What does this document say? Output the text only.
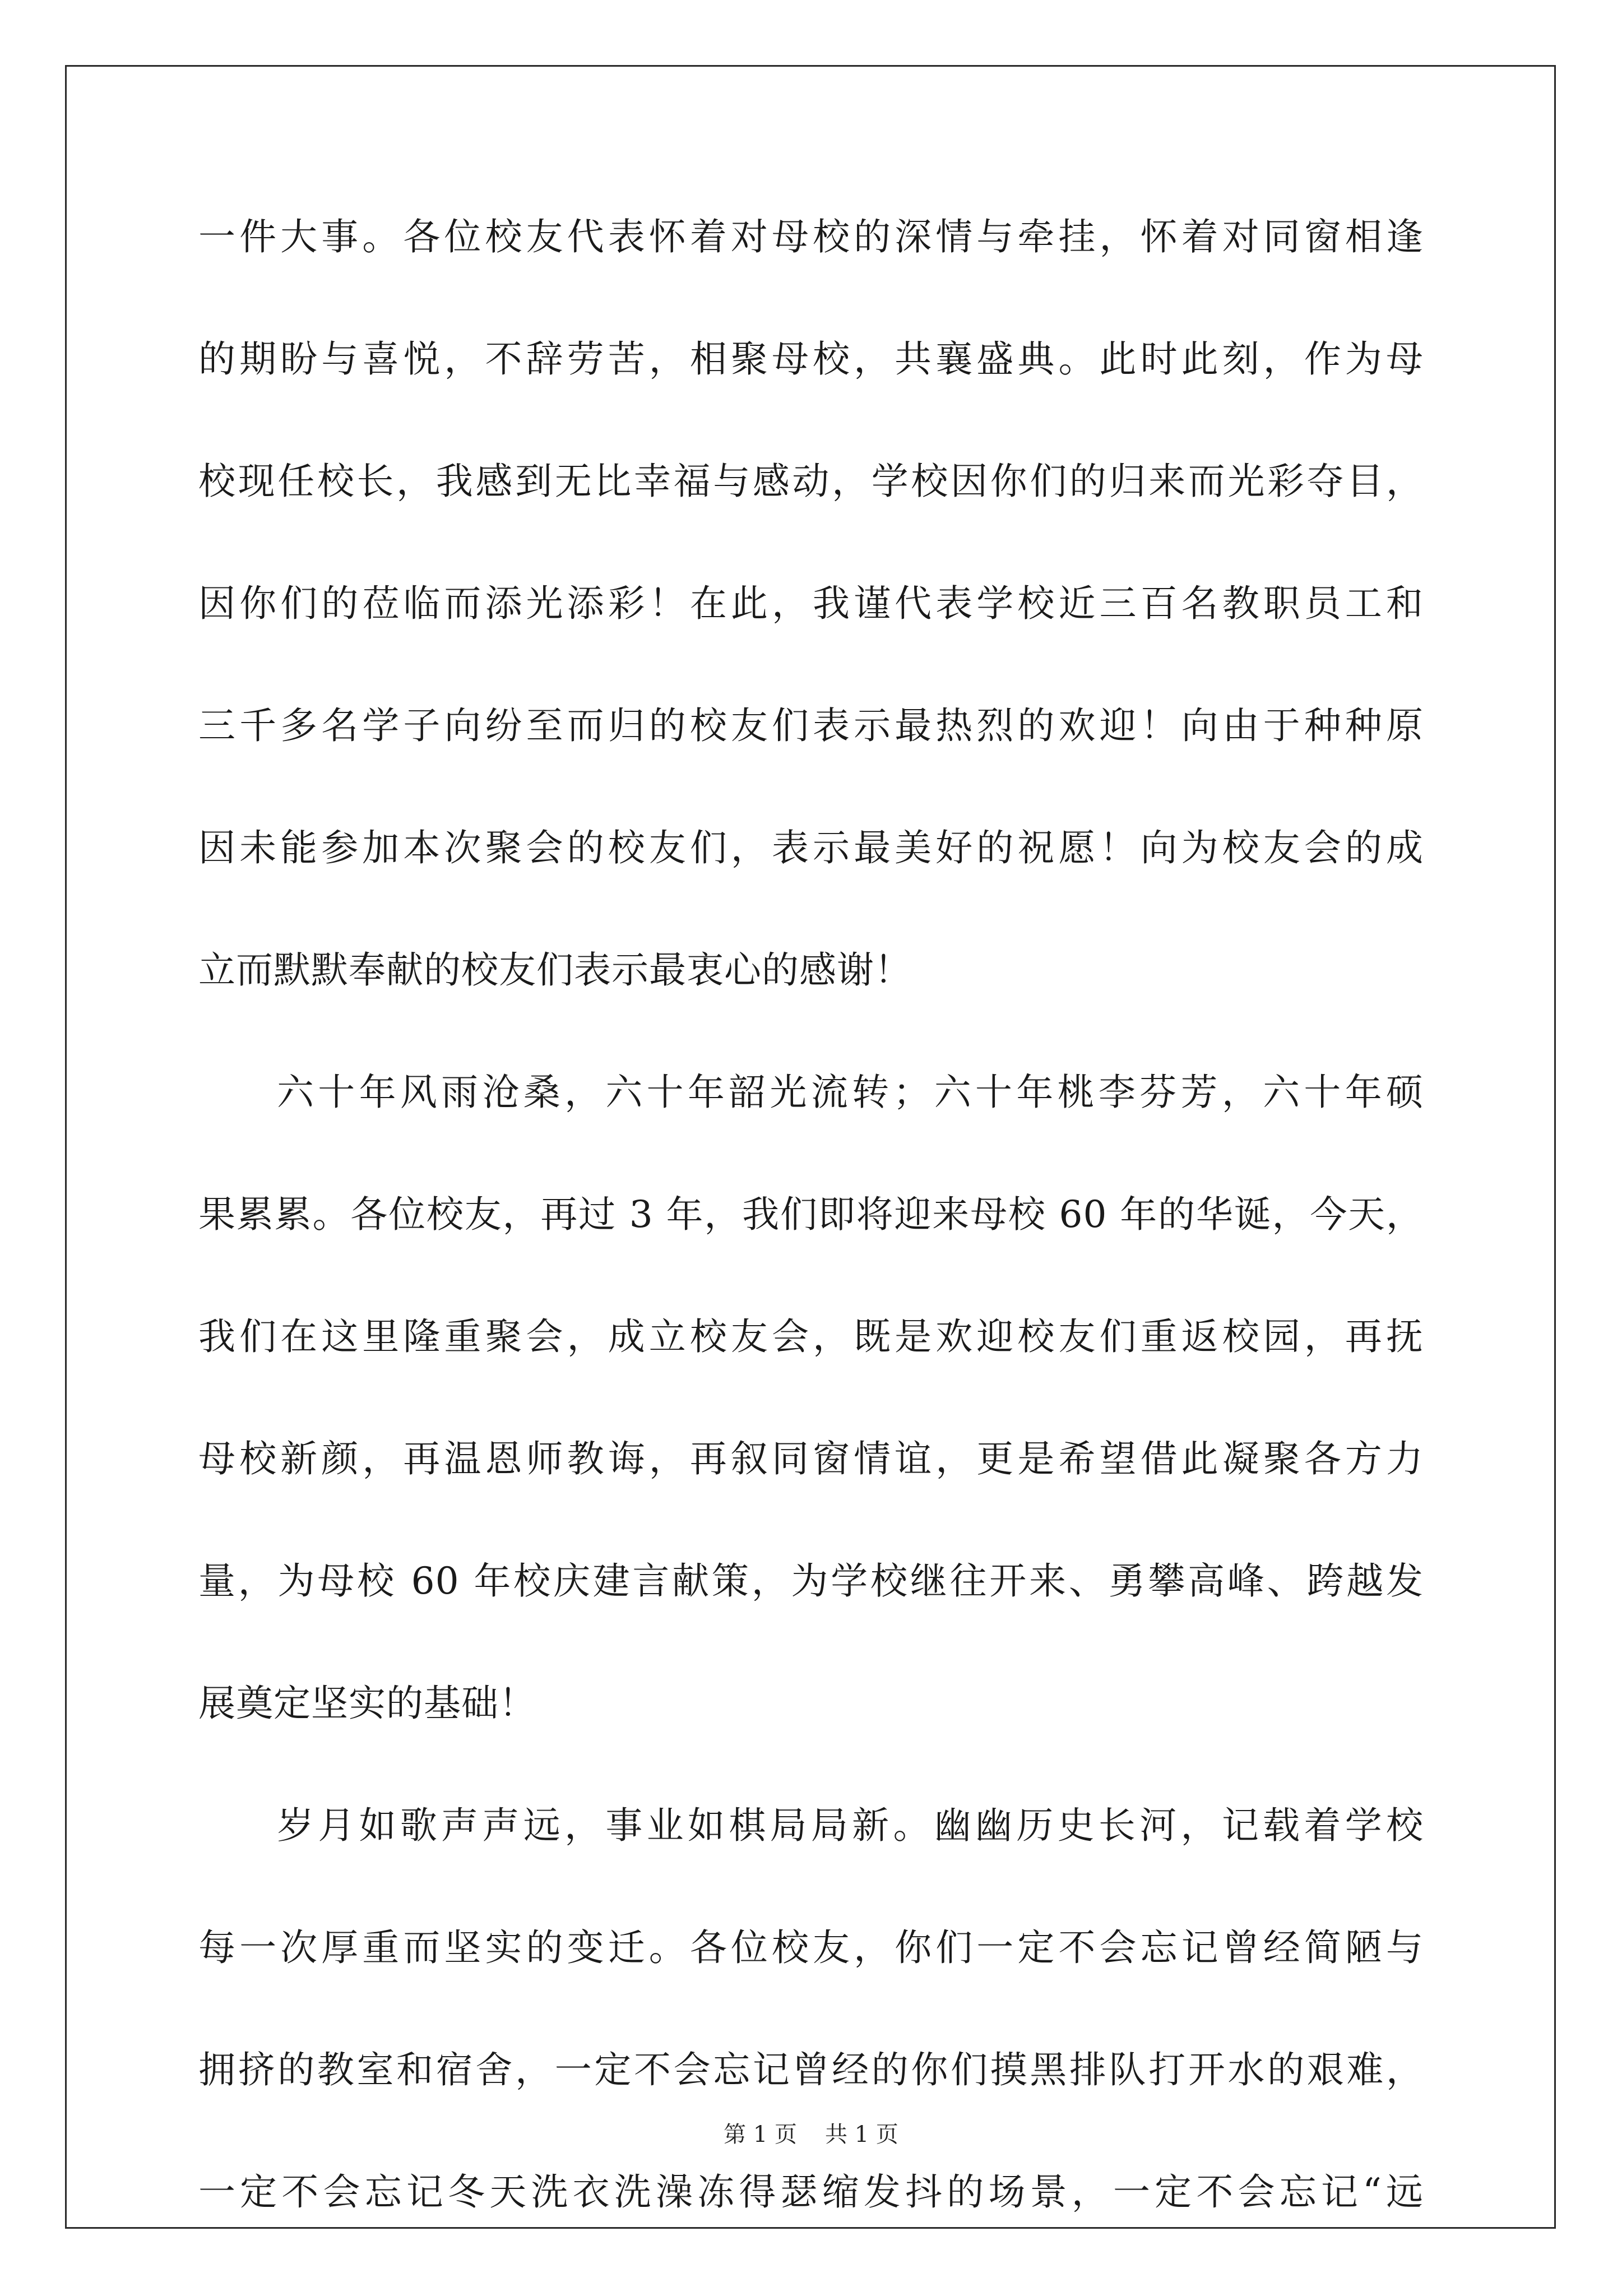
一件大事。各位校友代表怀着对母校的深情与牵挂，怀着对同窗相逢
的期盼与喜悦，不辞劳苦，相聚母校，共襄盛典。此时此刻，作为母
校现任校长，我感到无比幸福与感动，学校因你们的归来而光彩夺目，
因你们的莅临而添光添彩！在此，我谨代表学校近三百名教职员工和
三千多名学子向纷至而归的校友们表示最热烈的欢迎！向由于种种原
因未能参加本次聚会的校友们，表示最美好的祝愿！向为校友会的成
立而默默奉献的校友们表示最衷心的感谢！
六十年风雨沧桑，六十年韶光流转；六十年桃李芬芳，六十年硕
果累累。各位校友，再过 3 年，我们即将迎来母校 60 年的华诞，今天，
我们在这里隆重聚会，成立校友会，既是欢迎校友们重返校园，再抚
母校新颜，再温恩师教诲，再叙同窗情谊，更是希望借此凝聚各方力
量，为母校 60 年校庆建言献策，为学校继往开来、勇攀高峰、跨越发
展奠定坚实的基础！
岁月如歌声声远，事业如棋局局新。幽幽历史长河，记载着学校
每一次厚重而坚实的变迁。各位校友，你们一定不会忘记曾经简陋与
拥挤的教室和宿舍，一定不会忘记曾经的你们摸黑排队打开水的艰难，
一定不会忘记冬天洗衣洗澡冻得瑟缩发抖的场景，一定不会忘记“远
第 1 页 共 1 页
